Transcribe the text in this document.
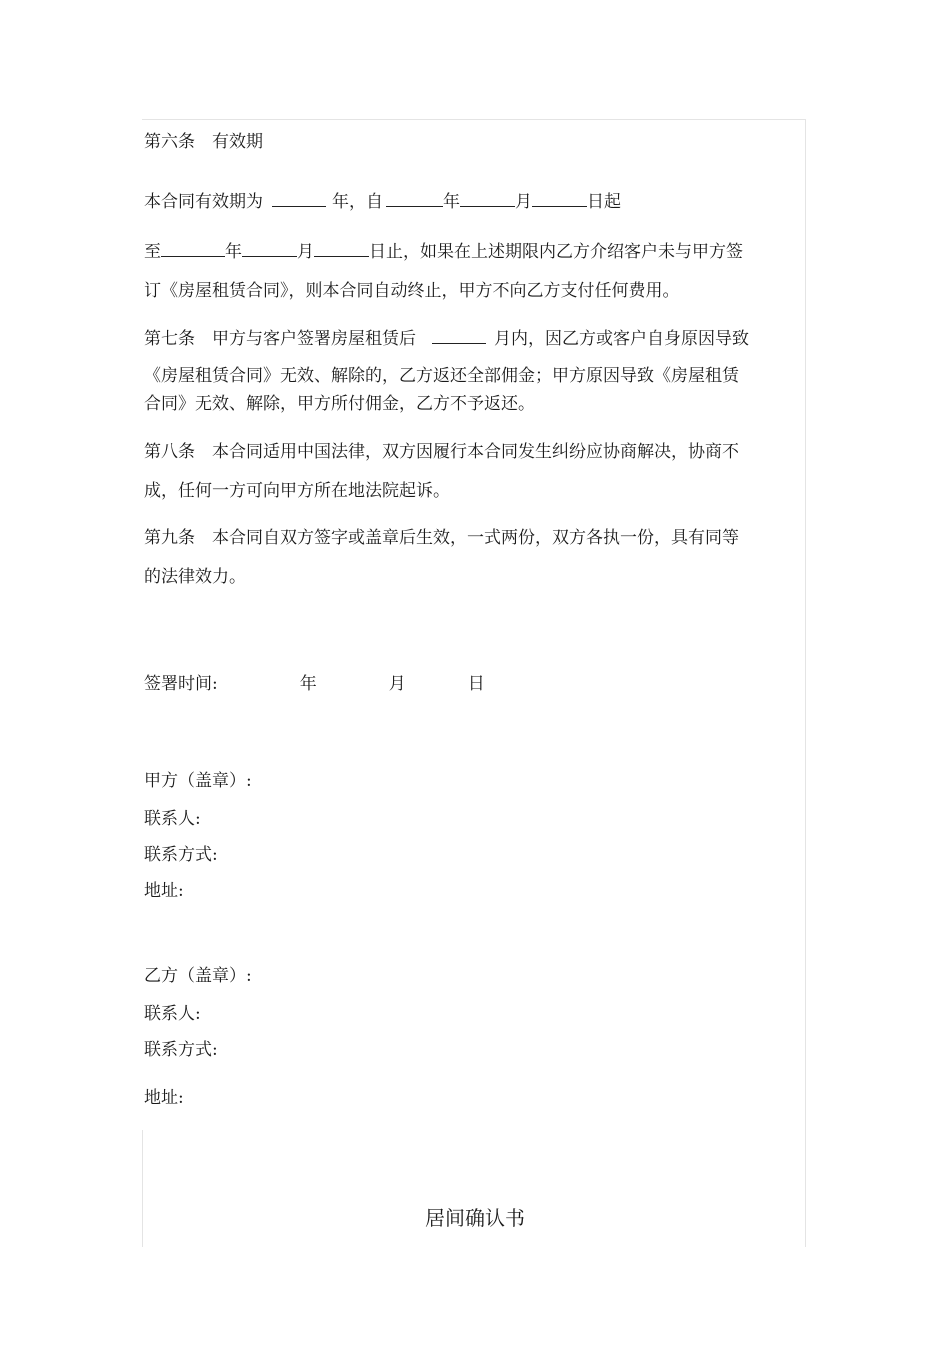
第六条 有效期
本合同有效期为	年，自	年	月	日起
至	年	月	日止，如果在上述期限内乙方介绍客户未与甲方签
订《房屋租赁合同》，则本合同自动终止，甲方不向乙方支付任何费用。
第七条 甲方与客户签署房屋租赁后	月内，因乙方或客户自身原因导致
《房屋租赁合同》无效、解除的，乙方返还全部佣金；甲方原因导致《房屋租赁
合同》无效、解除，甲方所付佣金，乙方不予返还。
第八条 本合同适用中国法律，双方因履行本合同发生纠纷应协商解决，协商不
成，任何一方可向甲方所在地法院起诉。
第九条 本合同自双方签字或盖章后生效，一式两份，双方各执一份，具有同等
的法律效力。
签署时间:	年	月	日
甲方（盖章）:
联系人:
联系方式:
地址:
乙方（盖章）:
联系人:
联系方式:
地址:
居间确认书
